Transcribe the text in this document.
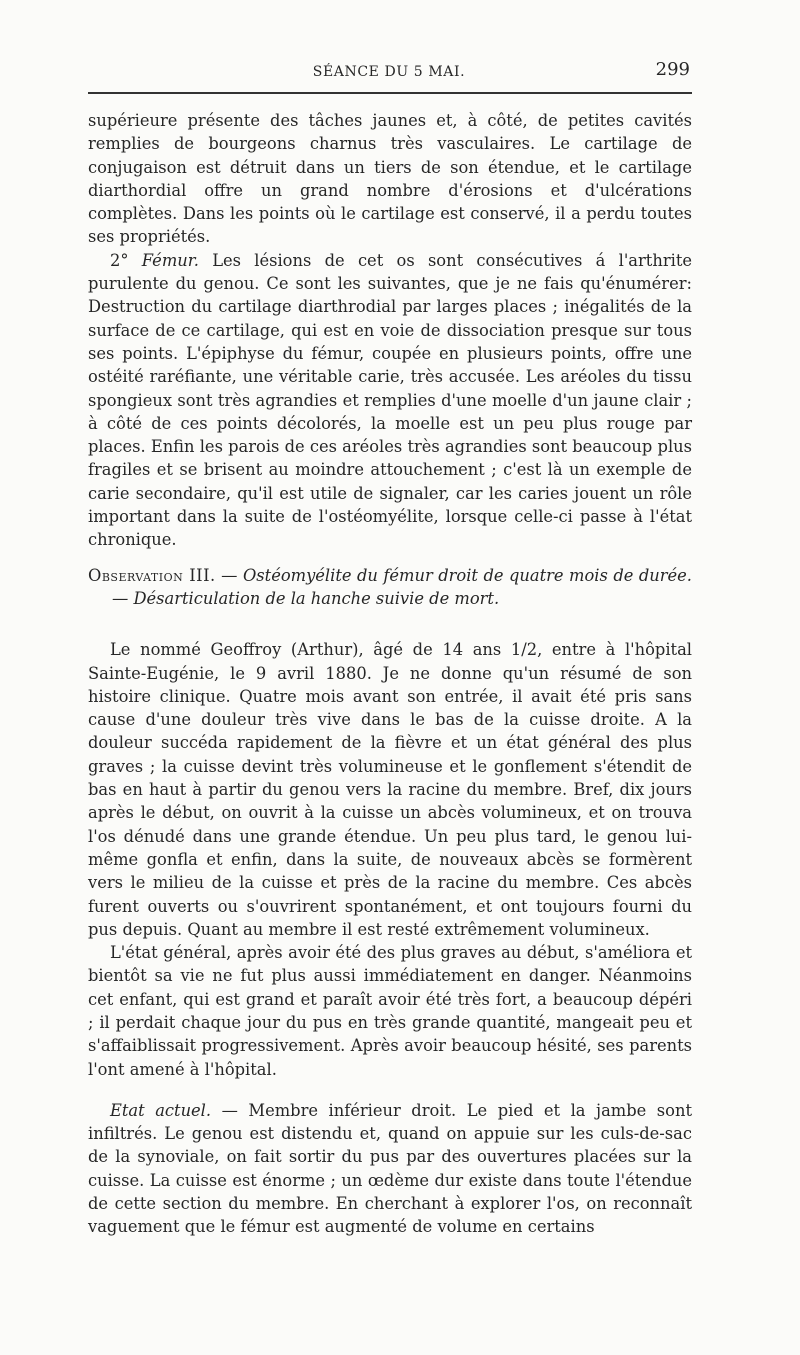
SÉANCE DU 5 MAI.	299

supérieure présente des tâches jaunes et, à côté, de petites cavités remplies de bourgeons charnus très vasculaires. Le cartilage de conjugaison est détruit dans un tiers de son étendue, et le cartilage diarthordial offre un grand nombre d'érosions et d'ulcérations complètes. Dans les points où le cartilage est conservé, il a perdu toutes ses propriétés.

2° Fémur. Les lésions de cet os sont consécutives á l'arthrite purulente du genou. Ce sont les suivantes, que je ne fais qu'énumérer: Destruction du cartilage diarthrodial par larges places ; inégalités de la surface de ce cartilage, qui est en voie de dissociation presque sur tous ses points. L'épiphyse du fémur, coupée en plusieurs points, offre une ostéité raréfiante, une véritable carie, très accusée. Les aréoles du tissu spongieux sont très agrandies et remplies d'une moelle d'un jaune clair ; à côté de ces points décolorés, la moelle est un peu plus rouge par places. Enfin les parois de ces aréoles très agrandies sont beaucoup plus fragiles et se brisent au moindre attouchement ; c'est là un exemple de carie secondaire, qu'il est utile de signaler, car les caries jouent un rôle important dans la suite de l'ostéomyélite, lorsque celle-ci passe à l'état chronique.

Observation III. — Ostéomyélite du fémur droit de quatre mois de durée. — Désarticulation de la hanche suivie de mort.

Le nommé Geoffroy (Arthur), âgé de 14 ans 1/2, entre à l'hôpital Sainte-Eugénie, le 9 avril 1880. Je ne donne qu'un résumé de son histoire clinique. Quatre mois avant son entrée, il avait été pris sans cause d'une douleur très vive dans le bas de la cuisse droite. A la douleur succéda rapidement de la fièvre et un état général des plus graves ; la cuisse devint très volumineuse et le gonflement s'étendit de bas en haut à partir du genou vers la racine du membre. Bref, dix jours après le début, on ouvrit à la cuisse un abcès volumineux, et on trouva l'os dénudé dans une grande étendue. Un peu plus tard, le genou lui-même gonfla et enfin, dans la suite, de nouveaux abcès se formèrent vers le milieu de la cuisse et près de la racine du membre. Ces abcès furent ouverts ou s'ouvrirent spontanément, et ont toujours fourni du pus depuis. Quant au membre il est resté extrêmement volumineux.

L'état général, après avoir été des plus graves au début, s'améliora et bientôt sa vie ne fut plus aussi immédiatement en danger. Néanmoins cet enfant, qui est grand et paraît avoir été très fort, a beaucoup dépéri ; il perdait chaque jour du pus en très grande quantité, mangeait peu et s'affaiblissait progressivement. Après avoir beaucoup hésité, ses parents l'ont amené à l'hôpital.

Etat actuel. — Membre inférieur droit. Le pied et la jambe sont infiltrés. Le genou est distendu et, quand on appuie sur les culs-de-sac de la synoviale, on fait sortir du pus par des ouvertures placées sur la cuisse. La cuisse est énorme ; un œdème dur existe dans toute l'étendue de cette section du membre. En cherchant à explorer l'os, on reconnaît vaguement que le fémur est augmenté de volume en certains
